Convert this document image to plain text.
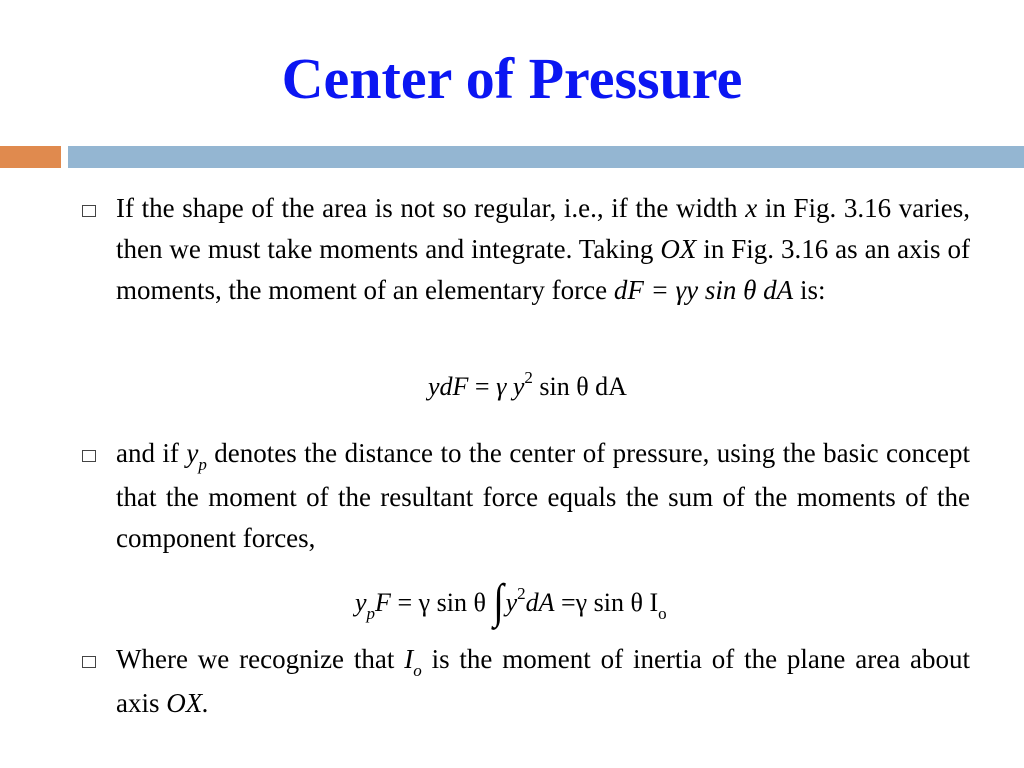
Center of Pressure
If the shape of the area is not so regular, i.e., if the width x in Fig. 3.16 varies, then we must take moments and integrate. Taking OX in Fig. 3.16 as an axis of moments, the moment of an elementary force dF = γy sin θ dA is:
ydF = γ $y^2$ sin θ dA
and if $y_p$ denotes the distance to the center of pressure, using the basic concept that the moment of the resultant force equals the sum of the moments of the component forces,
$y_pF = \gamma$ sin θ $\int y^2dA =\gamma$ sin θ $I_o$
Where we recognize that $I_o$ is the moment of inertia of the plane area about axis OX.
